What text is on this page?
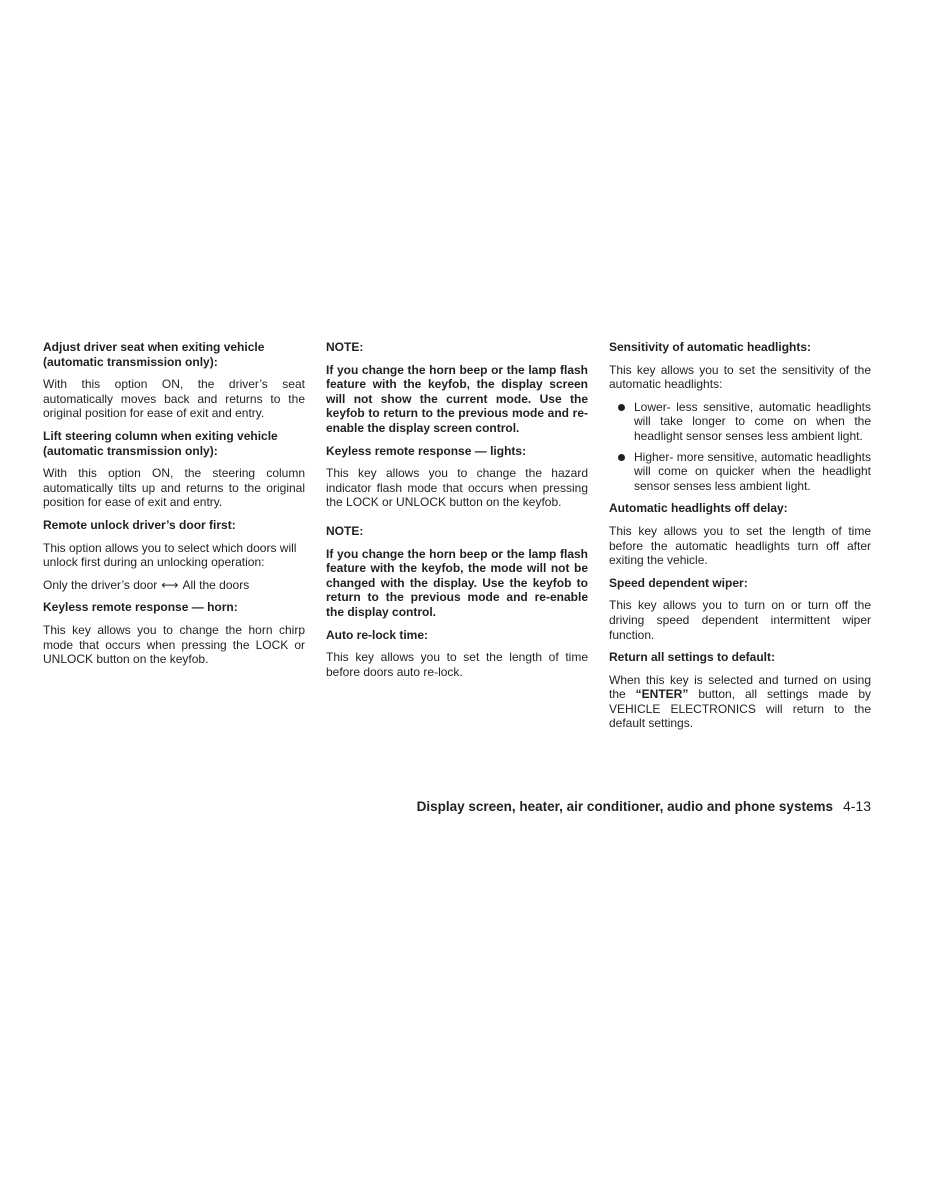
Adjust driver seat when exiting vehicle (automatic transmission only):
With this option ON, the driver’s seat automatically moves back and returns to the original position for ease of exit and entry.
Lift steering column when exiting vehicle (automatic transmission only):
With this option ON, the steering column automatically tilts up and returns to the original position for ease of exit and entry.
Remote unlock driver’s door first:
This option allows you to select which doors will unlock first during an unlocking operation:
Only the driver’s door ⟷ All the doors
Keyless remote response — horn:
This key allows you to change the horn chirp mode that occurs when pressing the LOCK or UNLOCK button on the keyfob.
NOTE:
If you change the horn beep or the lamp flash feature with the keyfob, the display screen will not show the current mode. Use the keyfob to return to the previous mode and re-enable the display screen control.
Keyless remote response — lights:
This key allows you to change the hazard indicator flash mode that occurs when pressing the LOCK or UNLOCK button on the keyfob.
NOTE:
If you change the horn beep or the lamp flash feature with the keyfob, the mode will not be changed with the display. Use the keyfob to return to the previous mode and re-enable the display control.
Auto re-lock time:
This key allows you to set the length of time before doors auto re-lock.
Sensitivity of automatic headlights:
This key allows you to set the sensitivity of the automatic headlights:
Lower- less sensitive, automatic headlights will take longer to come on when the headlight sensor senses less ambient light.
Higher- more sensitive, automatic headlights will come on quicker when the headlight sensor senses less ambient light.
Automatic headlights off delay:
This key allows you to set the length of time before the automatic headlights turn off after exiting the vehicle.
Speed dependent wiper:
This key allows you to turn on or turn off the driving speed dependent intermittent wiper function.
Return all settings to default:
When this key is selected and turned on using the “ENTER” button, all settings made by VEHICLE ELECTRONICS will return to the default settings.
Display screen, heater, air conditioner, audio and phone systems 4-13
